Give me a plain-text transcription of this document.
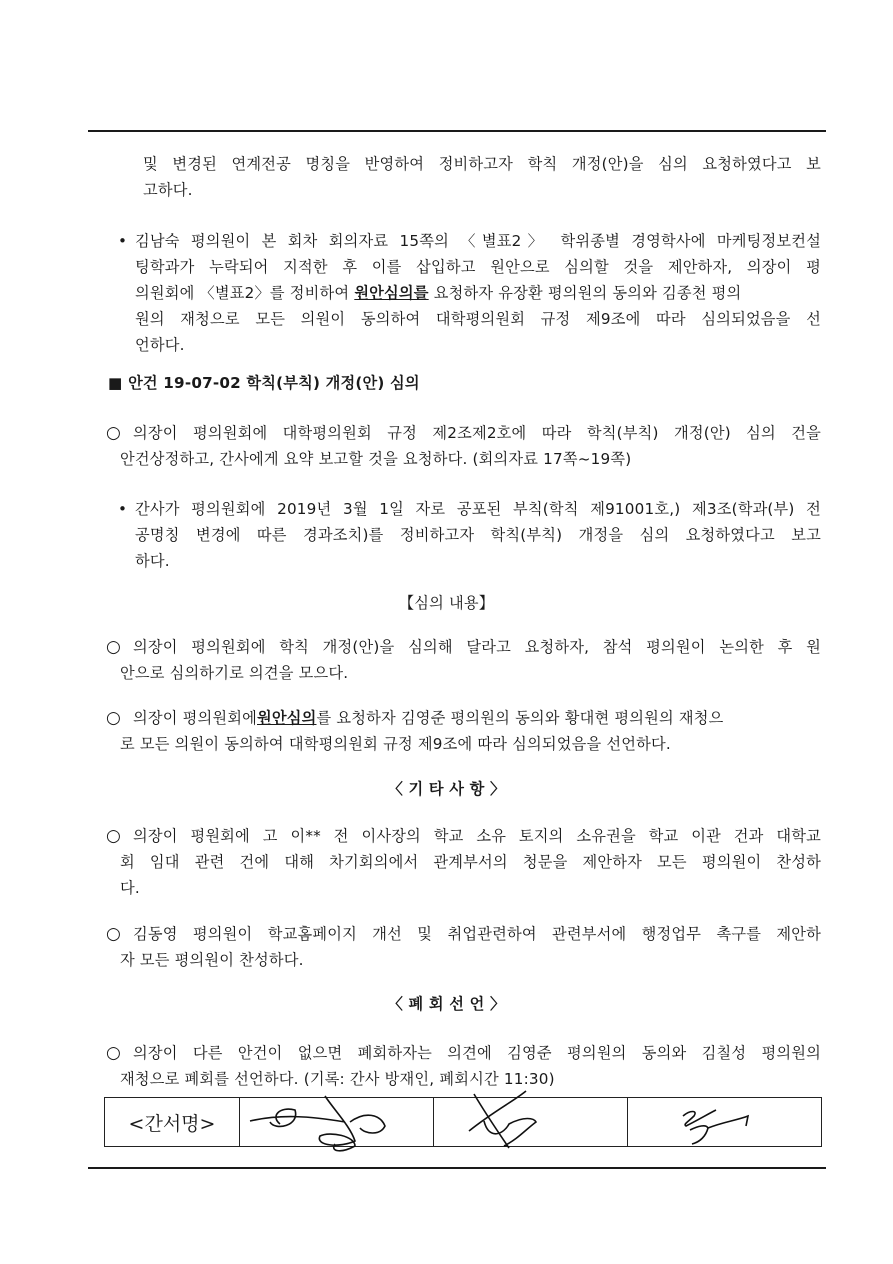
및 변경된 연계전공 명칭을 반영하여 정비하고자 학칙 개정(안)을 심의 요청하였다고 보
고하다.
• 김남숙 평의원이 본 회차 회의자료 15쪽의 〈별표2〉 학위종별 경영학사에 마케팅정보컨설
팅학과가 누락되어 지적한 후 이를 삽입하고 원안으로 심의할 것을 제안하자, 의장이 평
의원회에 〈별표2〉를 정비하여 원안심의를 요청하자 유장환 평의원의 동의와 김종천 평의
원의 재청으로 모든 의원이 동의하여 대학평의원회 규정 제9조에 따라 심의되었음을 선
언하다.
■ 안건 19-07-02 학칙(부칙) 개정(안) 심의
○ 의장이 평의원회에 대학평의원회 규정 제2조제2호에 따라 학칙(부칙) 개정(안) 심의 건을
안건상정하고, 간사에게 요약 보고할 것을 요청하다. (회의자료 17쪽~19쪽)
• 간사가 평의원회에 2019년 3월 1일 자로 공포된 부칙(학칙 제91001호,) 제3조(학과(부) 전
공명칭 변경에 따른 경과조치)를 정비하고자 학칙(부칙) 개정을 심의 요청하였다고 보고
하다.
【심의 내용】
○ 의장이 평의원회에 학칙 개정(안)을 심의해 달라고 요청하자, 참석 평의원이 논의한 후 원
안으로 심의하기로 의견을 모으다.
○ 의장이 평의원회에 원안심의 를 요청하자 김영준 평의원의 동의와 황대현 평의원의 재청으
로 모든 의원이 동의하여 대학평의원회 규정 제9조에 따라 심의되었음을 선언하다.
〈 기 타 사 항 〉
○ 의장이 평원회에 고 이** 전 이사장의 학교 소유 토지의 소유권을 학교 이관 건과 대학교
회 임대 관련 건에 대해 차기회의에서 관계부서의 청문을 제안하자 모든 평의원이 찬성하
다.
○ 김동영 평의원이 학교홈페이지 개선 및 취업관련하여 관련부서에 행정업무 촉구를 제안하
자 모든 평의원이 찬성하다.
〈 폐 회 선 언 〉
○ 의장이 다른 안건이 없으면 폐회하자는 의견에 김영준 평의원의 동의와 김칠성 평의원의
재청으로 폐회를 선언하다. (기록: 간사 방재인, 폐회시간 11:30)
<간서명>	
